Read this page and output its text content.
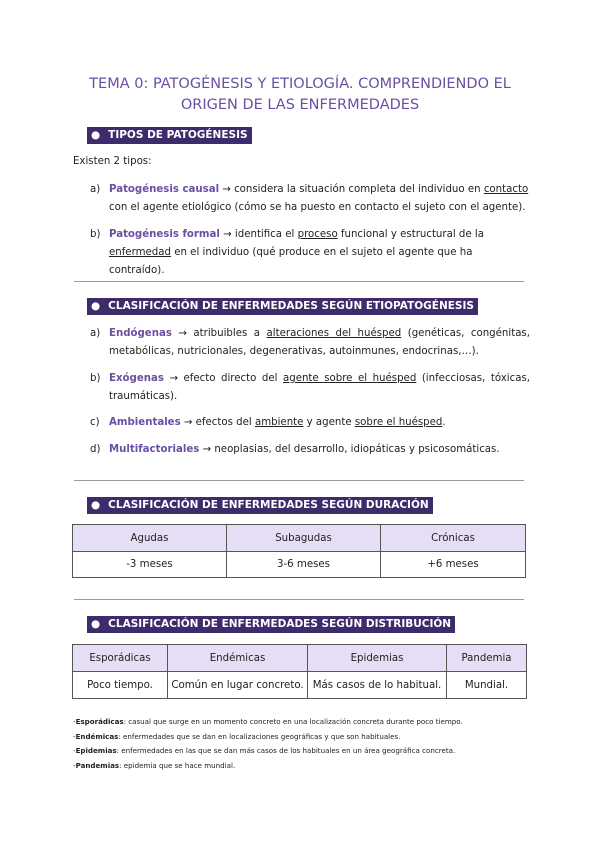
TEMA 0: PATOGÉNESIS Y ETIOLOGÍA. COMPRENDIENDO EL
ORIGEN DE LAS ENFERMEDADES
● TIPOS DE PATOGÉNESIS
Existen 2 tipos:
a) Patogénesis causal → considera la situación completa del individuo en contacto con el agente etiológico (cómo se ha puesto en contacto el sujeto con el agente).
b) Patogénesis formal → identifica el proceso funcional y estructural de la enfermedad en el individuo (qué produce en el sujeto el agente que ha contraído).
● CLASIFICACIÓN DE ENFERMEDADES SEGÚN ETIOPATOGÉNESIS
a) Endógenas → atribuibles a alteraciones del huésped (genéticas, congénitas, metabólicas, nutricionales, degenerativas, autoinmunes, endocrinas,…).
b) Exógenas → efecto directo del agente sobre el huésped (infecciosas, tóxicas, traumáticas).
c) Ambientales → efectos del ambiente y agente sobre el huésped.
d) Multifactoriales → neoplasias, del desarrollo, idiopáticas y psicosomáticas.
● CLASIFICACIÓN DE ENFERMEDADES SEGÚN DURACIÓN
Agudas	Subagudas	Crónicas
-3 meses	3-6 meses	+6 meses
● CLASIFICACIÓN DE ENFERMEDADES SEGÚN DISTRIBUCIÓN
Esporádicas	Endémicas	Epidemias	Pandemia
Poco tiempo.	Común en lugar concreto.	Más casos de lo habitual.	Mundial.
-Esporádicas: casual que surge en un momento concreto en una localización concreta durante poco tiempo.
-Endémicas: enfermedades que se dan en localizaciones geográficas y que son habituales.
-Epidemias: enfermedades en las que se dan más casos de los habituales en un área geográfica concreta.
-Pandemias: epidemia que se hace mundial.
